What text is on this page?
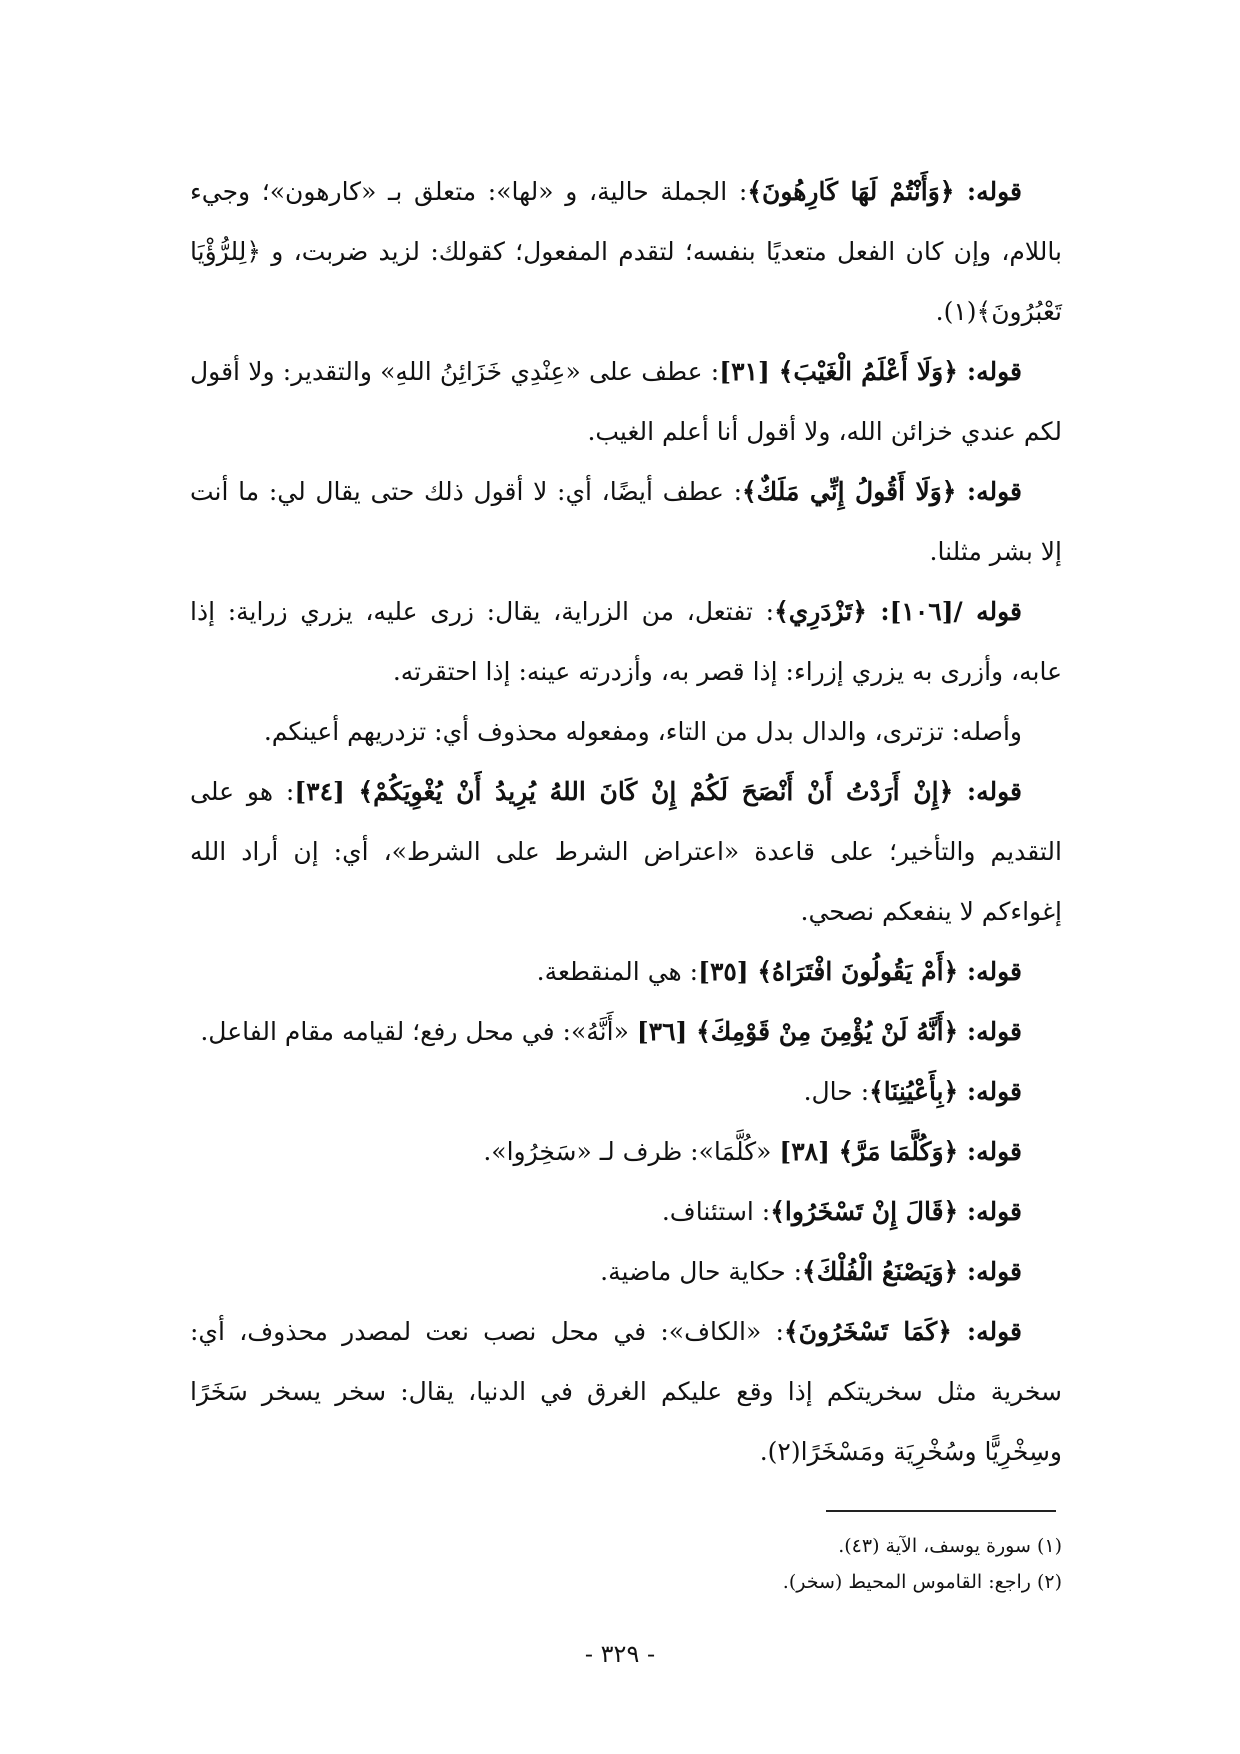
قوله: ﴿وَأَنْتُمْ لَهَا كَارِهُونَ﴾: الجملة حالية، و «لها»: متعلق بـ «كارهون»؛ وجيء باللام، وإن كان الفعل متعديًا بنفسه؛ لتقدم المفعول؛ كقولك: لزيد ضربت، و ﴿لِلرُّؤْيَا تَعْبُرُونَ﴾(١).

قوله: ﴿وَلَا أَعْلَمُ الْغَيْبَ﴾ [٣١]: عطف على «عِنْدِي خَزَائِنُ اللهِ» والتقدير: ولا أقول لكم عندي خزائن الله، ولا أقول أنا أعلم الغيب.

قوله: ﴿وَلَا أَقُولُ إِنِّي مَلَكٌ﴾: عطف أيضًا، أي: لا أقول ذلك حتى يقال لي: ما أنت إلا بشر مثلنا.

قوله /[١٠٦]: ﴿تَزْدَرِي﴾: تفتعل، من الزراية، يقال: زرى عليه، يزري زراية: إذا عابه، وأزرى به يزري إزراء: إذا قصر به، وأزدرته عينه: إذا احتقرته.

وأصله: تزترى، والدال بدل من التاء، ومفعوله محذوف أي: تزدريهم أعينكم.

قوله: ﴿إِنْ أَرَدْتُ أَنْ أَنْصَحَ لَكُمْ إِنْ كَانَ اللهُ يُرِيدُ أَنْ يُغْوِيَكُمْ﴾ [٣٤]: هو على التقديم والتأخير؛ على قاعدة «اعتراض الشرط على الشرط»، أي: إن أراد الله إغواءكم لا ينفعكم نصحي.

قوله: ﴿أَمْ يَقُولُونَ افْتَرَاهُ﴾ [٣٥]: هي المنقطعة.

قوله: ﴿أَنَّهُ لَنْ يُؤْمِنَ مِنْ قَوْمِكَ﴾ [٣٦] «أَنَّهُ»: في محل رفع؛ لقيامه مقام الفاعل.

قوله: ﴿بِأَعْيُنِنَا﴾: حال.

قوله: ﴿وَكُلَّمَا مَرَّ﴾ [٣٨] «كُلَّمَا»: ظرف لـ «سَخِرُوا».

قوله: ﴿قَالَ إِنْ تَسْخَرُوا﴾: استئناف.

قوله: ﴿وَيَصْنَعُ الْفُلْكَ﴾: حكاية حال ماضية.

قوله: ﴿كَمَا تَسْخَرُونَ﴾: «الكاف»: في محل نصب نعت لمصدر محذوف، أي: سخرية مثل سخريتكم إذا وقع عليكم الغرق في الدنيا، يقال: سخر يسخر سَخَرًا وسِخْرِيًّا وسُخْرِيَة ومَسْخَرًا(٢).

(١) سورة يوسف، الآية (٤٣).
(٢) راجع: القاموس المحيط (سخر).
- ٣٢٩ -
